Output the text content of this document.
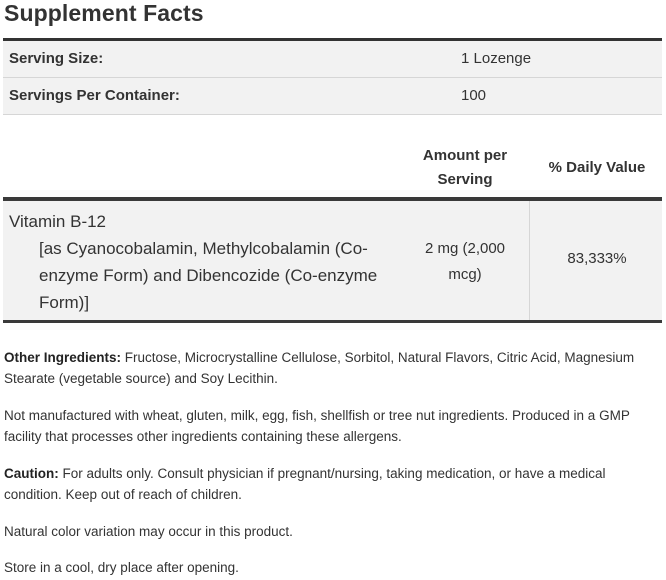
Supplement Facts
Serving Size:	1 Lozenge
Servings Per Container:	100
Amount per
Serving
% Daily Value
Vitamin B-12
[as Cyanocobalamin, Methylcobalamin (Co-enzyme Form) and Dibencozide (Co-enzyme Form)]
2 mg (2,000
mcg)
83,333%
Other Ingredients: Fructose, Microcrystalline Cellulose, Sorbitol, Natural Flavors, Citric Acid, Magnesium Stearate (vegetable source) and Soy Lecithin.
Not manufactured with wheat, gluten, milk, egg, fish, shellfish or tree nut ingredients. Produced in a GMP facility that processes other ingredients containing these allergens.
Caution: For adults only. Consult physician if pregnant/nursing, taking medication, or have a medical condition. Keep out of reach of children.
Natural color variation may occur in this product.
Store in a cool, dry place after opening.
